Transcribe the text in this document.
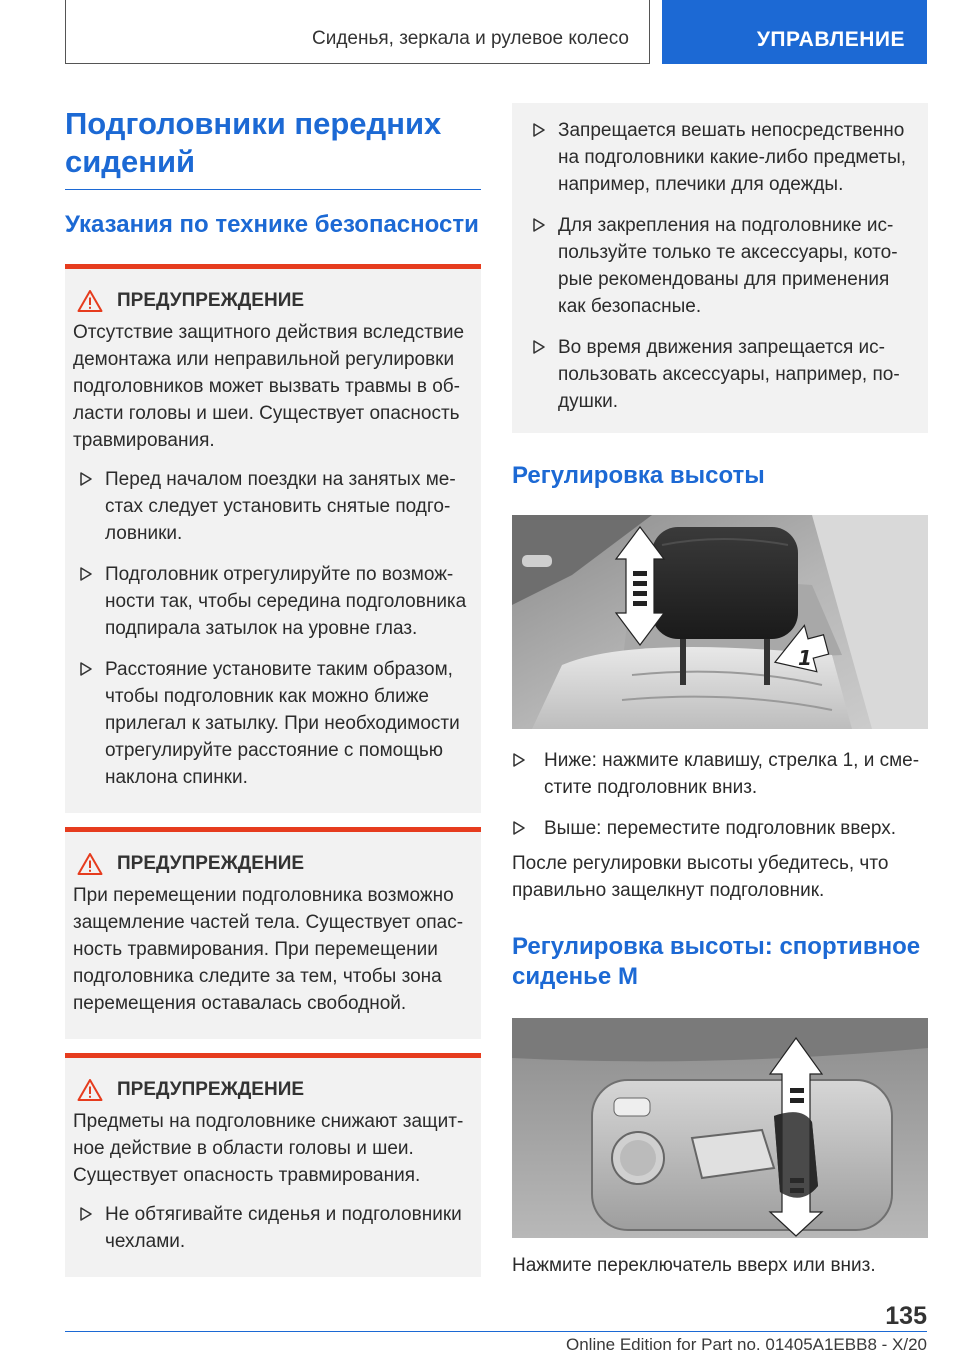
Сиденья, зеркала и рулевое колесо	УПРАВЛЕНИЕ
Подголовники передних сидений
Указания по технике безопасности
ПРЕДУПРЕЖДЕНИЕ

Отсутствие защитного действия вследствие демонтажа или неправильной регулировки подголовников может вызвать травмы в области головы и шеи. Существует опасность травмирования.

Перед началом поездки на занятых местах следует установить снятые подголовники.
Подголовник отрегулируйте по возможности так, чтобы середина подголовника подпирала затылок на уровне глаз.
Расстояние установите таким образом, чтобы подголовник как можно ближе прилегал к затылку. При необходимости отрегулируйте расстояние с помощью наклона спинки.
ПРЕДУПРЕЖДЕНИЕ

При перемещении подголовника возможно защемление частей тела. Существует опасность травмирования. При перемещении подголовника следите за тем, чтобы зона перемещения оставалась свободной.

ПРЕДУПРЕЖДЕНИЕ

Предметы на подголовнике снижают защитное действие в области головы и шеи. Существует опасность травмирования.

Не обтягивайте сиденья и подголовники чехлами.
Запрещается вешать непосредственно на подголовники какие-либо предметы, например, плечики для одежды.
Для закрепления на подголовнике используйте только те аксессуары, которые рекомендованы для применения как безопасные.
Во время движения запрещается использовать аксессуары, например, подушки.
Регулировка высоты
1
Ниже: нажмите клавишу, стрелка 1, и сместите подголовник вниз.
Выше: переместите подголовник вверх.

После регулировки высоты убедитесь, что правильно защелкнут подголовник.

Регулировка высоты: спортивное сиденье M

Нажмите переключатель вверх или вниз.

135
Online Edition for Part no. 01405A1EBB8 - X/20
